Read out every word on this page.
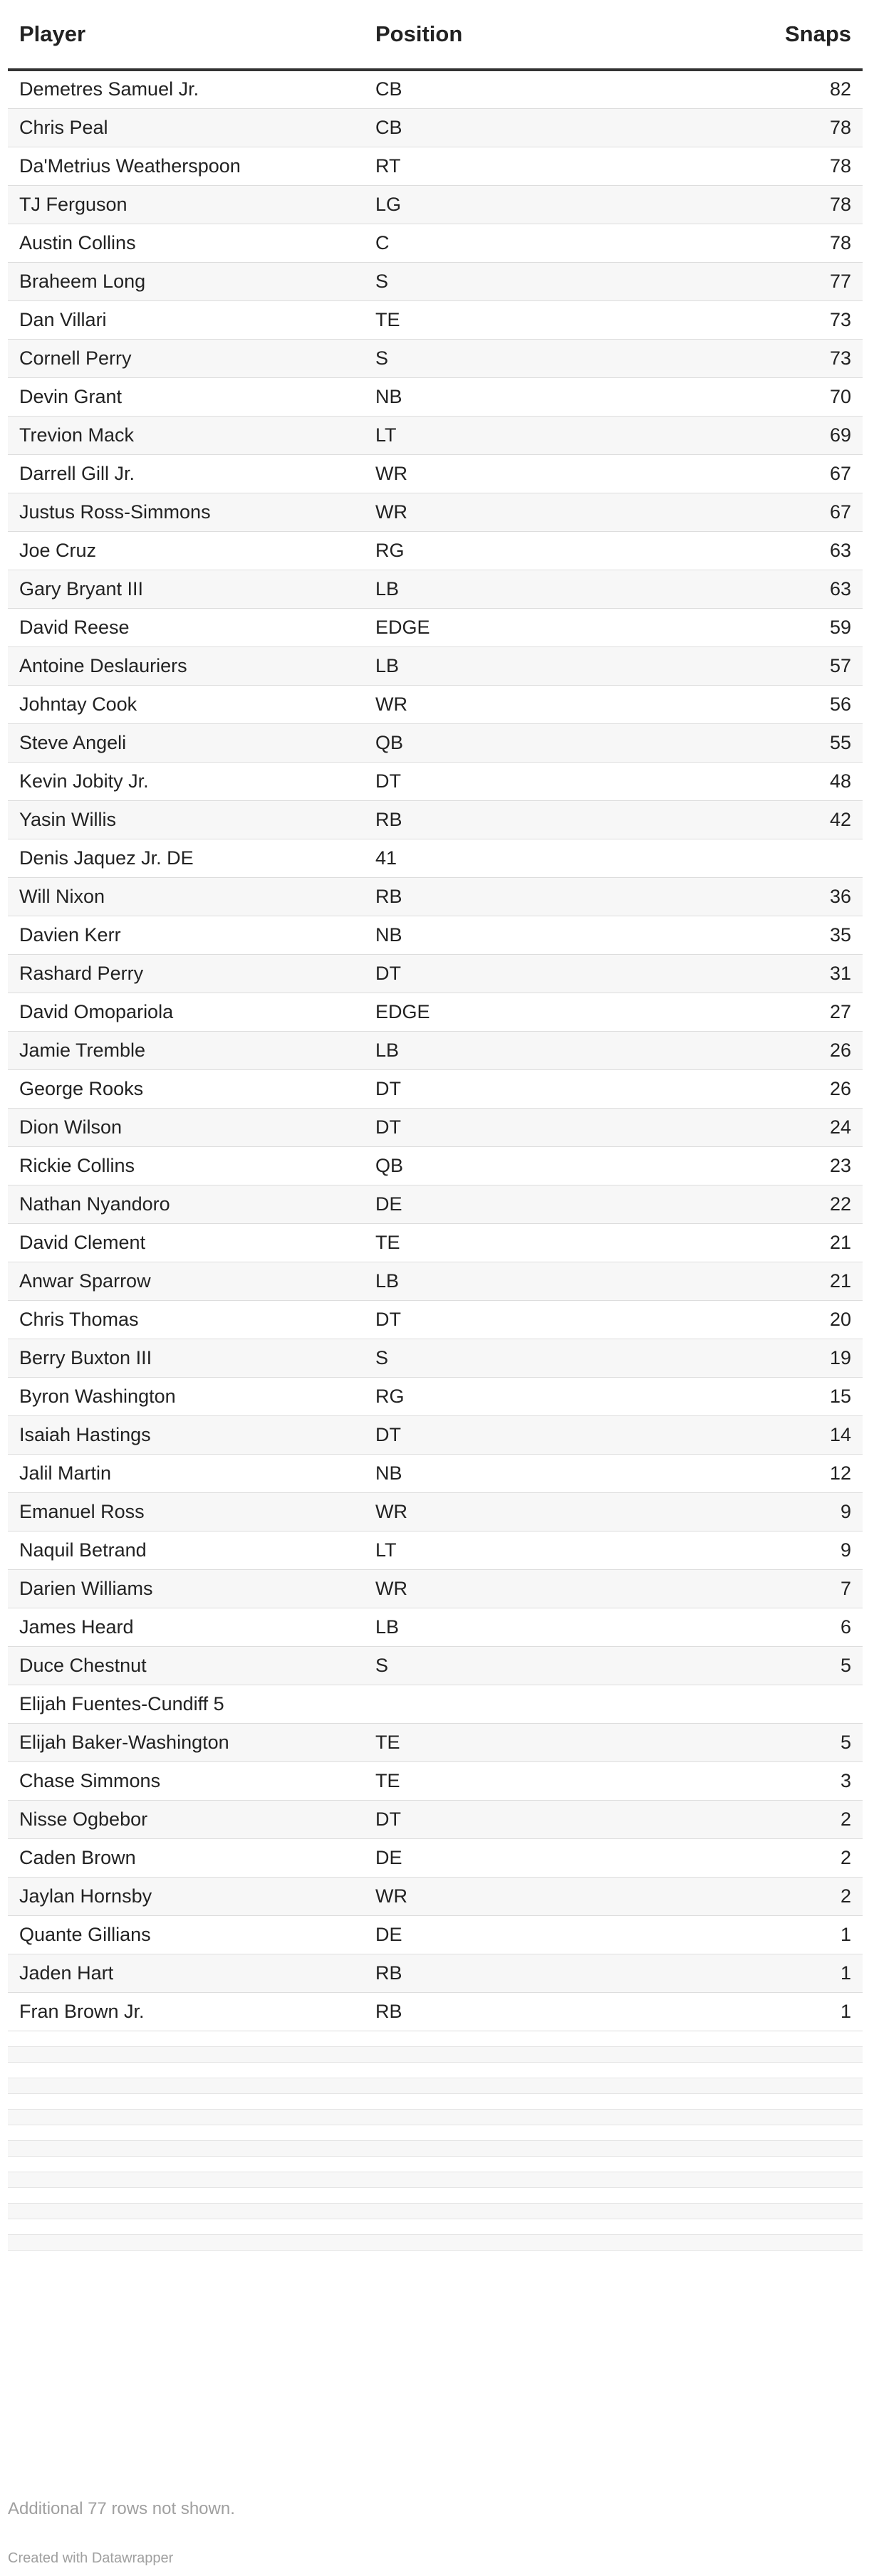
Player	Position	Snaps
Demetres Samuel Jr.	CB	82
Chris Peal	CB	78
Da'Metrius Weatherspoon	RT	78
TJ Ferguson	LG	78
Austin Collins	C	78
Braheem Long	S	77
Dan Villari	TE	73
Cornell Perry	S	73
Devin Grant	NB	70
Trevion Mack	LT	69
Darrell Gill Jr.	WR	67
Justus Ross-Simmons	WR	67
Joe Cruz	RG	63
Gary Bryant III	LB	63
David Reese	EDGE	59
Antoine Deslauriers	LB	57
Johntay Cook	WR	56
Steve Angeli	QB	55
Kevin Jobity Jr.	DT	48
Yasin Willis	RB	42
Denis Jaquez Jr. DE	41	
Will Nixon	RB	36
Davien Kerr	NB	35
Rashard Perry	DT	31
David Omopariola	EDGE	27
Jamie Tremble	LB	26
George Rooks	DT	26
Dion Wilson	DT	24
Rickie Collins	QB	23
Nathan Nyandoro	DE	22
David Clement	TE	21
Anwar Sparrow	LB	21
Chris Thomas	DT	20
Berry Buxton III	S	19
Byron Washington	RG	15
Isaiah Hastings	DT	14
Jalil Martin	NB	12
Emanuel Ross	WR	9
Naquil Betrand	LT	9
Darien Williams	WR	7
James Heard	LB	6
Duce Chestnut	S	5
Elijah Fuentes-Cundiff 5		
Elijah Baker-Washington	TE	5
Chase Simmons	TE	3
Nisse Ogbebor	DT	2
Caden Brown	DE	2
Jaylan Hornsby	WR	2
Quante Gillians	DE	1
Jaden Hart	RB	1
Fran Brown Jr.	RB	1
Additional 77 rows not shown.
Created with Datawrapper
